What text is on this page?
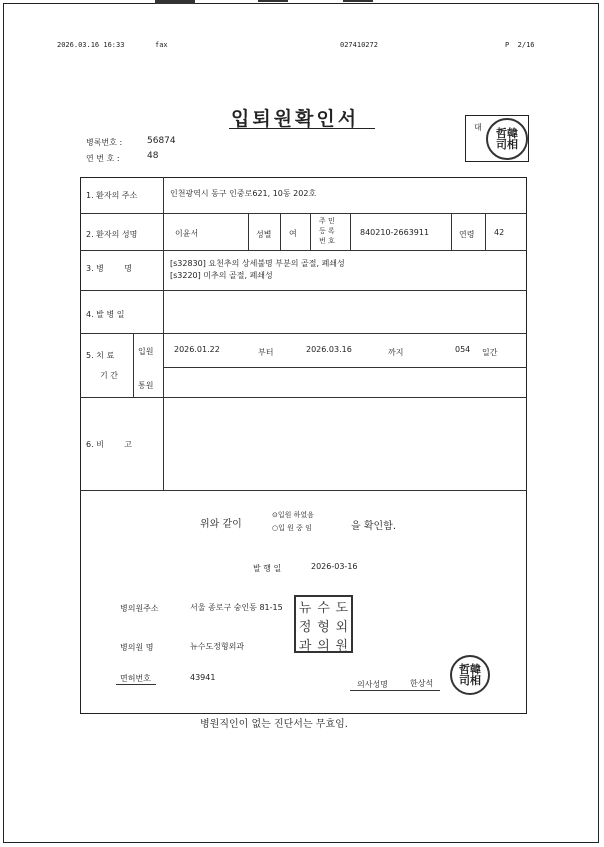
2026.03.16 16:33	fax	027410272	P  2/16
입퇴원확인서
병록번호 :	56874
연 번 호 :	48
대 哲韓 司相
1. 환자의 주소	인천광역시 동구 인중로621, 10동 202호
2. 환자의 성명	이윤서	성별 여
주 민
등 록
번 호
840210-2663911	연령 42
3. 병        명
[s32830] 요천추의 상세불명 부분의 골절, 폐쇄성
[s3220] 미추의 골절, 폐쇄성
4. 발 병 일
5. 치 료
기 간
입원	2026.01.22	부터	2026.03.16	까지	054 일간
통원
6. 비        고
위와 같이
⊙입원 하였음
○입 원 중 임	을 확인함.
발 행 일	2026-03-16
병의원주소	서울 종로구 숭인동 81-15
병의원 명	뉴수도정형외과
면허번호	43941
의사성명	한상석
뉴 수 도
정 형 외
과 의 원
哲韓 司相
병원직인이 없는 진단서는 무효임.
